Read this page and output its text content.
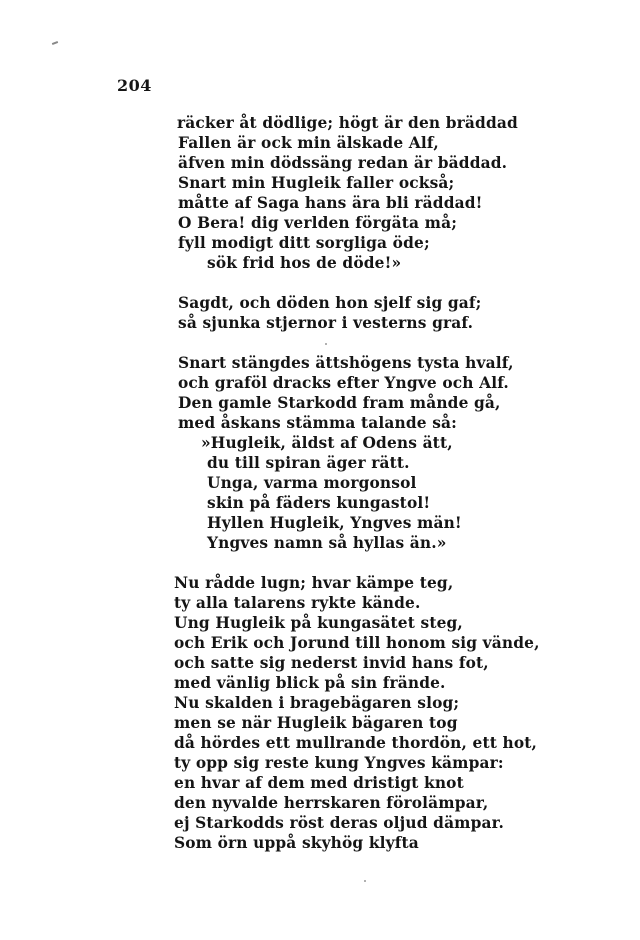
204
räcker åt dödlige; högt är den bräddad
Fallen är ock min älskade Alf,
äfven min dödssäng redan är bäddad.
Snart min Hugleik faller också;
måtte af Saga hans ära bli räddad!
O Bera! dig verlden förgäta må;
fyll modigt ditt sorgliga öde;
sök frid hos de döde!»
Sagdt, och döden hon sjelf sig gaf;
så sjunka stjernor i vesterns graf.
Snart stängdes ättshögens tysta hvalf,
och graföl dracks efter Yngve och Alf.
Den gamle Starkodd fram månde gå,
med åskans stämma talande så:
»Hugleik, äldst af Odens ätt,
du till spiran äger rätt.
Unga, varma morgonsol
skin på fäders kungastol!
Hyllen Hugleik, Yngves män!
Yngves namn så hyllas än.»
Nu rådde lugn; hvar kämpe teg,
ty alla talarens rykte kände.
Ung Hugleik på kungasätet steg,
och Erik och Jorund till honom sig vände,
och satte sig nederst invid hans fot,
med vänlig blick på sin frände.
Nu skalden i bragebägaren slog;
men se när Hugleik bägaren tog
då hördes ett mullrande thordön, ett hot,
ty opp sig reste kung Yngves kämpar:
en hvar af dem med dristigt knot
den nyvalde herrskaren förolämpar,
ej Starkodds röst deras oljud dämpar.
Som örn uppå skyhög klyfta
